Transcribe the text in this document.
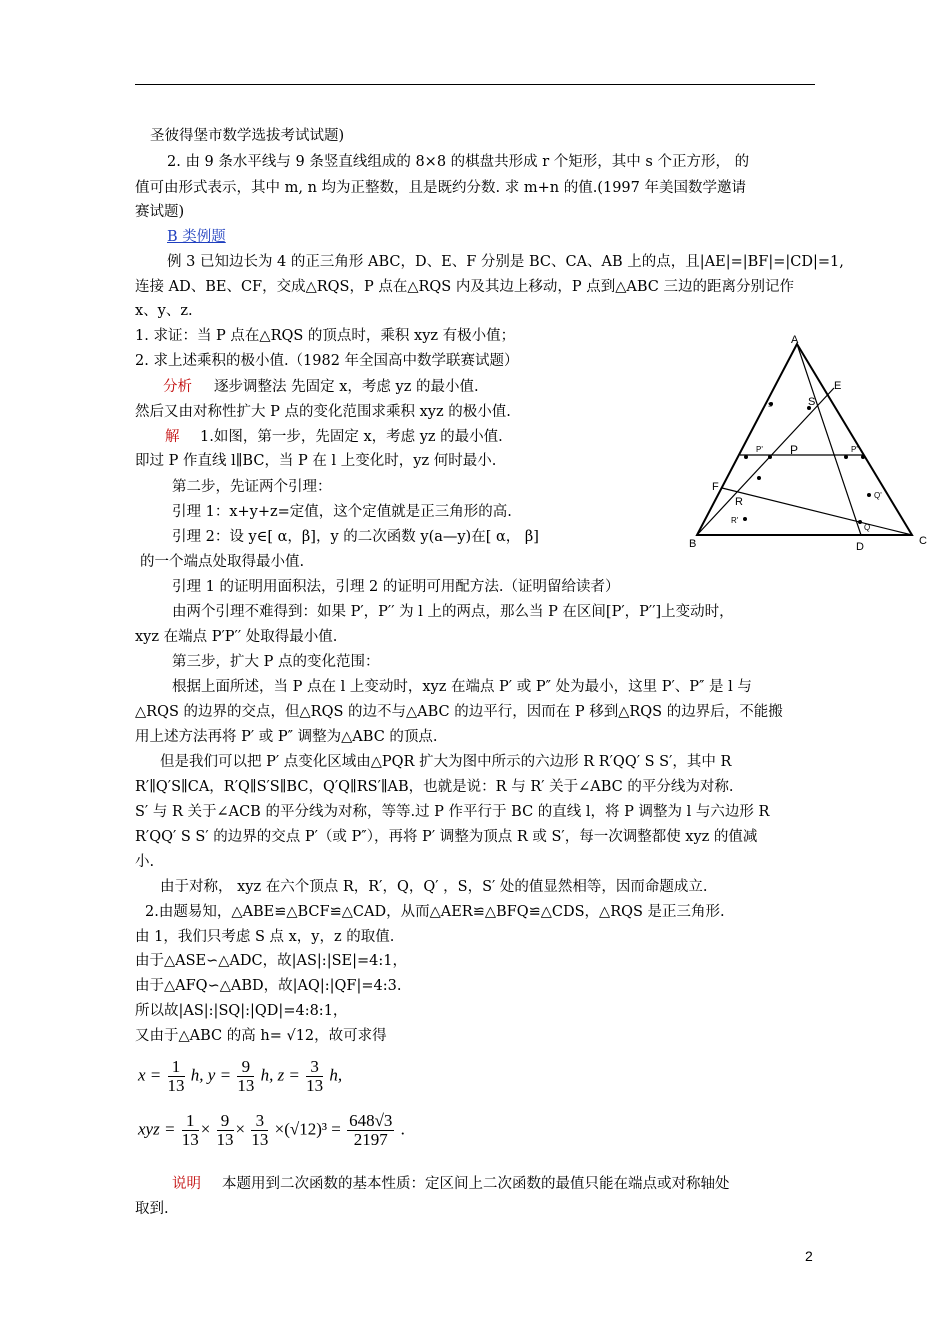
圣彼得堡市数学选拔考试试题)
2. 由 9 条水平线与 9 条竖直线组成的 8×8 的棋盘共形成 r 个矩形，其中 s 个正方形， 的
值可由形式表示，其中 m, n 均为正整数，且是既约分数. 求 m+n 的值.(1997 年美国数学邀请
赛试题)
B 类例题
例 3 已知边长为 4 的正三角形 ABC，D、E、F 分别是 BC、CA、AB 上的点，且|AE|=|BF|=|CD|=1,
连接 AD、BE、CF，交成△RQS，P 点在△RQS 内及其边上移动，P 点到△ABC 三边的距离分别记作
x、y、z.
1. 求证：当 P 点在△RQS 的顶点时，乘积 xyz 有极小值；
2. 求上述乘积的极小值.（1982 年全国高中数学联赛试题）
分析 逐步调整法 先固定 x，考虑 yz 的最小值.
然后又由对称性扩大 P 点的变化范围求乘积 xyz 的极小值.
解 1.如图，第一步，先固定 x，考虑 yz 的最小值.
即过 P 作直线 l∥BC，当 P 在 l 上变化时，yz 何时最小.
第二步，先证两个引理：
引理 1：x+y+z=定值，这个定值就是正三角形的高.
引理 2：设 y∈[ α，β]，y 的二次函数 y(a—y)在[ α， β]
的一个端点处取得最小值.
引理 1 的证明用面积法，引理 2 的证明可用配方法.（证明留给读者）
由两个引理不难得到：如果 P′，P′′ 为 l 上的两点，那么当 P 在区间[P′，P′′]上变动时，
xyz 在端点 P′P′′ 处取得最小值.
第三步，扩大 P 点的变化范围：
根据上面所述，当 P 点在 l 上变动时，xyz 在端点 P′ 或 P″ 处为最小，这里 P′、P″ 是 l 与
△RQS 的边界的交点，但△RQS 的边不与△ABC 的边平行，因而在 P 移到△RQS 的边界后，不能搬
用上述方法再将 P′ 或 P″ 调整为△ABC 的顶点.
但是我们可以把 P′ 点变化区域由△PQR 扩大为图中所示的六边形 R R′QQ′ S S′，其中 R
R′∥Q′S∥CA，R′Q∥S′S∥BC，Q′Q∥RS′∥AB，也就是说：R 与 R′ 关于∠ABC 的平分线为对称.
S′ 与 R 关于∠ACB 的平分线为对称，等等.过 P 作平行于 BC 的直线 l，将 P 调整为 l 与六边形 R
R′QQ′ S S′ 的边界的交点 P′（或 P″），再将 P′ 调整为顶点 R 或 S′，每一次调整都使 xyz 的值减
小.
由于对称， xyz 在六个顶点 R，R′，Q，Q′ ，S，S′ 处的值显然相等，因而命题成立.
2.由题易知，△ABE≌△BCF≌△CAD，从而△AER≌△BFQ≌△CDS，△RQS 是正三角形.
由 1，我们只考虑 S 点 x，y，z 的取值.
由于△ASE∽△ADC，故|AS|:|SE|=4:1，
由于△AFQ∽△ABD，故|AQ|:|QF|=4:3.
所以故|AS|:|SQ|:|QD|=4:8:1，
又由于△ABC 的高 h= √12，故可求得
$x = \frac{1}{13} h$, $y = \frac{9}{13} h$, $z = \frac{3}{13} h$,
xyz = $\frac{1}{13} \times \frac{9}{13} \times \frac{3}{13} \times(√12)^3 = \frac{648√3}{2197}$ .
说明 本题用到二次函数的基本性质：定区间上二次函数的最值只能在端点或对称轴处
取到.
2
A
E
S
P
P'	P"
F
R
R'
Q'
Q
S'
B	D	C
